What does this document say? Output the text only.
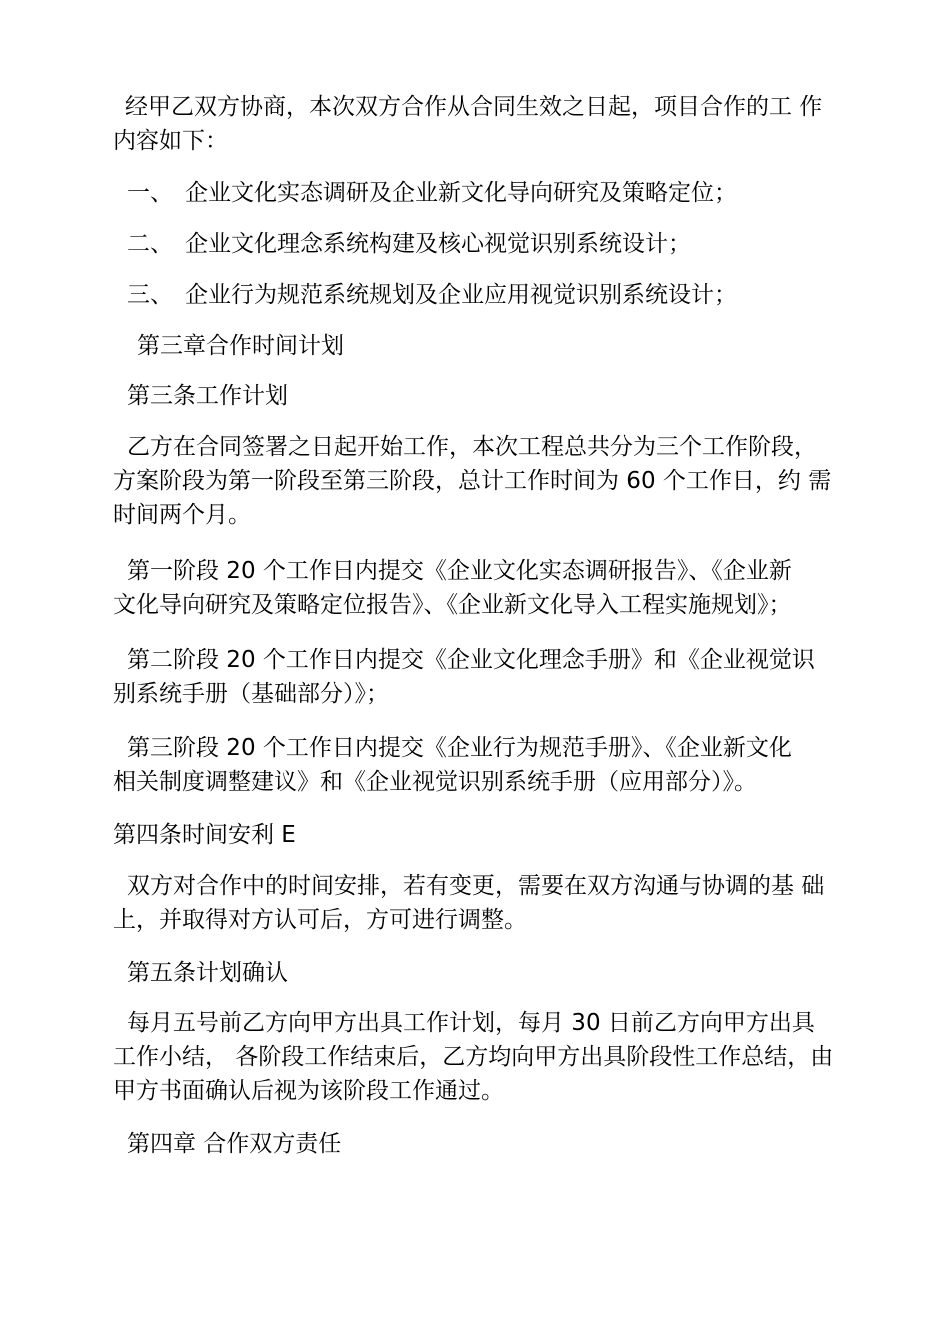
经甲乙双方协商，本次双方合作从合同生效之日起，项目合作的工 作
内容如下：
一、 企业文化实态调研及企业新文化导向研究及策略定位；
二、 企业文化理念系统构建及核心视觉识别系统设计；
三、 企业行为规范系统规划及企业应用视觉识别系统设计；
第三章合作时间计划
第三条工作计划
乙方在合同签署之日起开始工作，本次工程总共分为三个工作阶段，
方案阶段为第一阶段至第三阶段，总计工作时间为 60 个工作日，约 需
时间两个月。
第一阶段 20 个工作日内提交《企业文化实态调研报告》、《企业新
文化导向研究及策略定位报告》、《企业新文化导入工程实施规划》；
第二阶段 20 个工作日内提交《企业文化理念手册》和《企业视觉识
别系统手册（基础部分）》；
第三阶段 20 个工作日内提交《企业行为规范手册》、《企业新文化
相关制度调整建议》和《企业视觉识别系统手册（应用部分）》。
第四条时间安利 E
双方对合作中的时间安排，若有变更，需要在双方沟通与协调的基 础
上，并取得对方认可后，方可进行调整。
第五条计划确认
每月五号前乙方向甲方出具工作计划，每月 30 日前乙方向甲方出具
工作小结， 各阶段工作结束后，乙方均向甲方出具阶段性工作总结，由
甲方书面确认后视为该阶段工作通过。
第四章 合作双方责任
